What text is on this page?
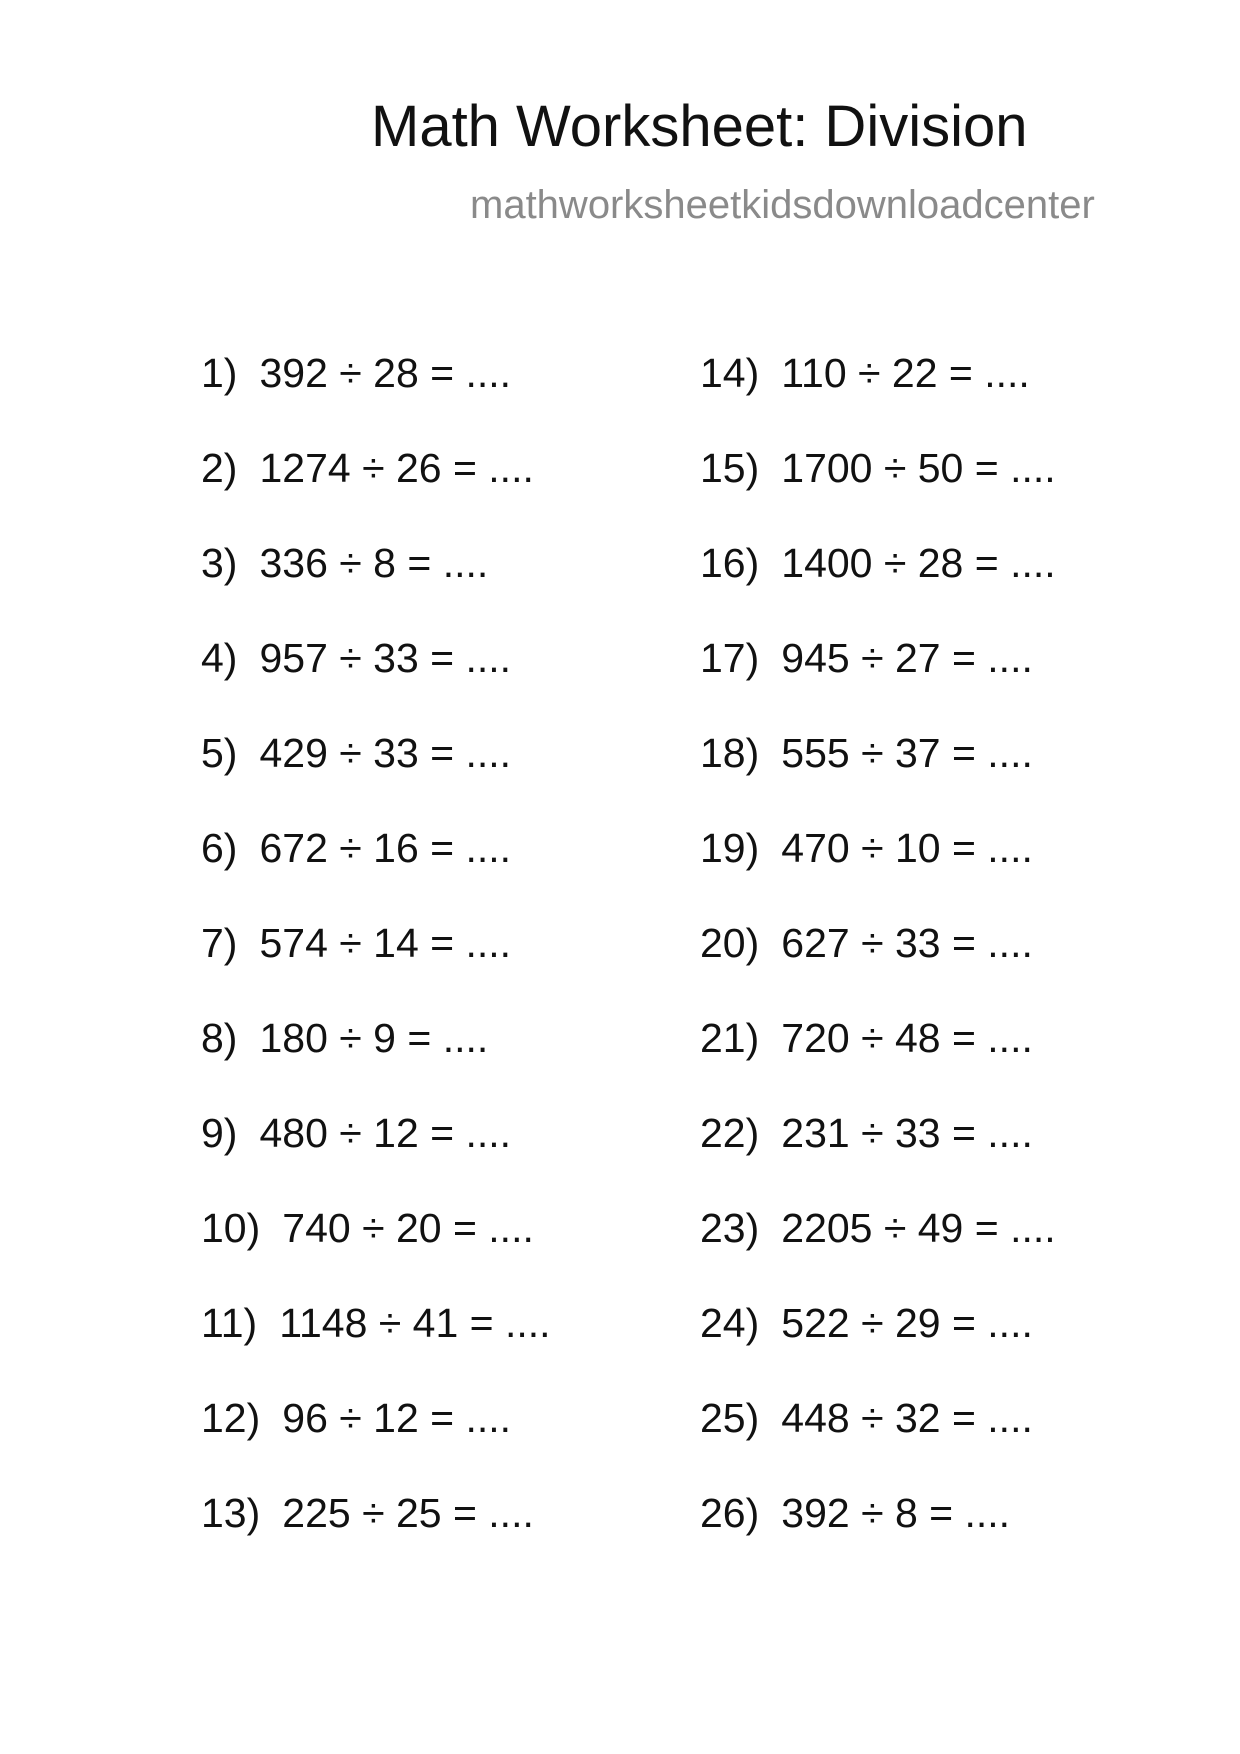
Math Worksheet: Division
mathworksheetkidsdownloadcenter
1) 392 ÷ 28 = ....
2) 1274 ÷ 26 = ....
3) 336 ÷ 8 = ....
4) 957 ÷ 33 = ....
5) 429 ÷ 33 = ....
6) 672 ÷ 16 = ....
7) 574 ÷ 14 = ....
8) 180 ÷ 9 = ....
9) 480 ÷ 12 = ....
10) 740 ÷ 20 = ....
11) 1148 ÷ 41 = ....
12) 96 ÷ 12 = ....
13) 225 ÷ 25 = ....
14) 110 ÷ 22 = ....
15) 1700 ÷ 50 = ....
16) 1400 ÷ 28 = ....
17) 945 ÷ 27 = ....
18) 555 ÷ 37 = ....
19) 470 ÷ 10 = ....
20) 627 ÷ 33 = ....
21) 720 ÷ 48 = ....
22) 231 ÷ 33 = ....
23) 2205 ÷ 49 = ....
24) 522 ÷ 29 = ....
25) 448 ÷ 32 = ....
26) 392 ÷ 8 = ....
